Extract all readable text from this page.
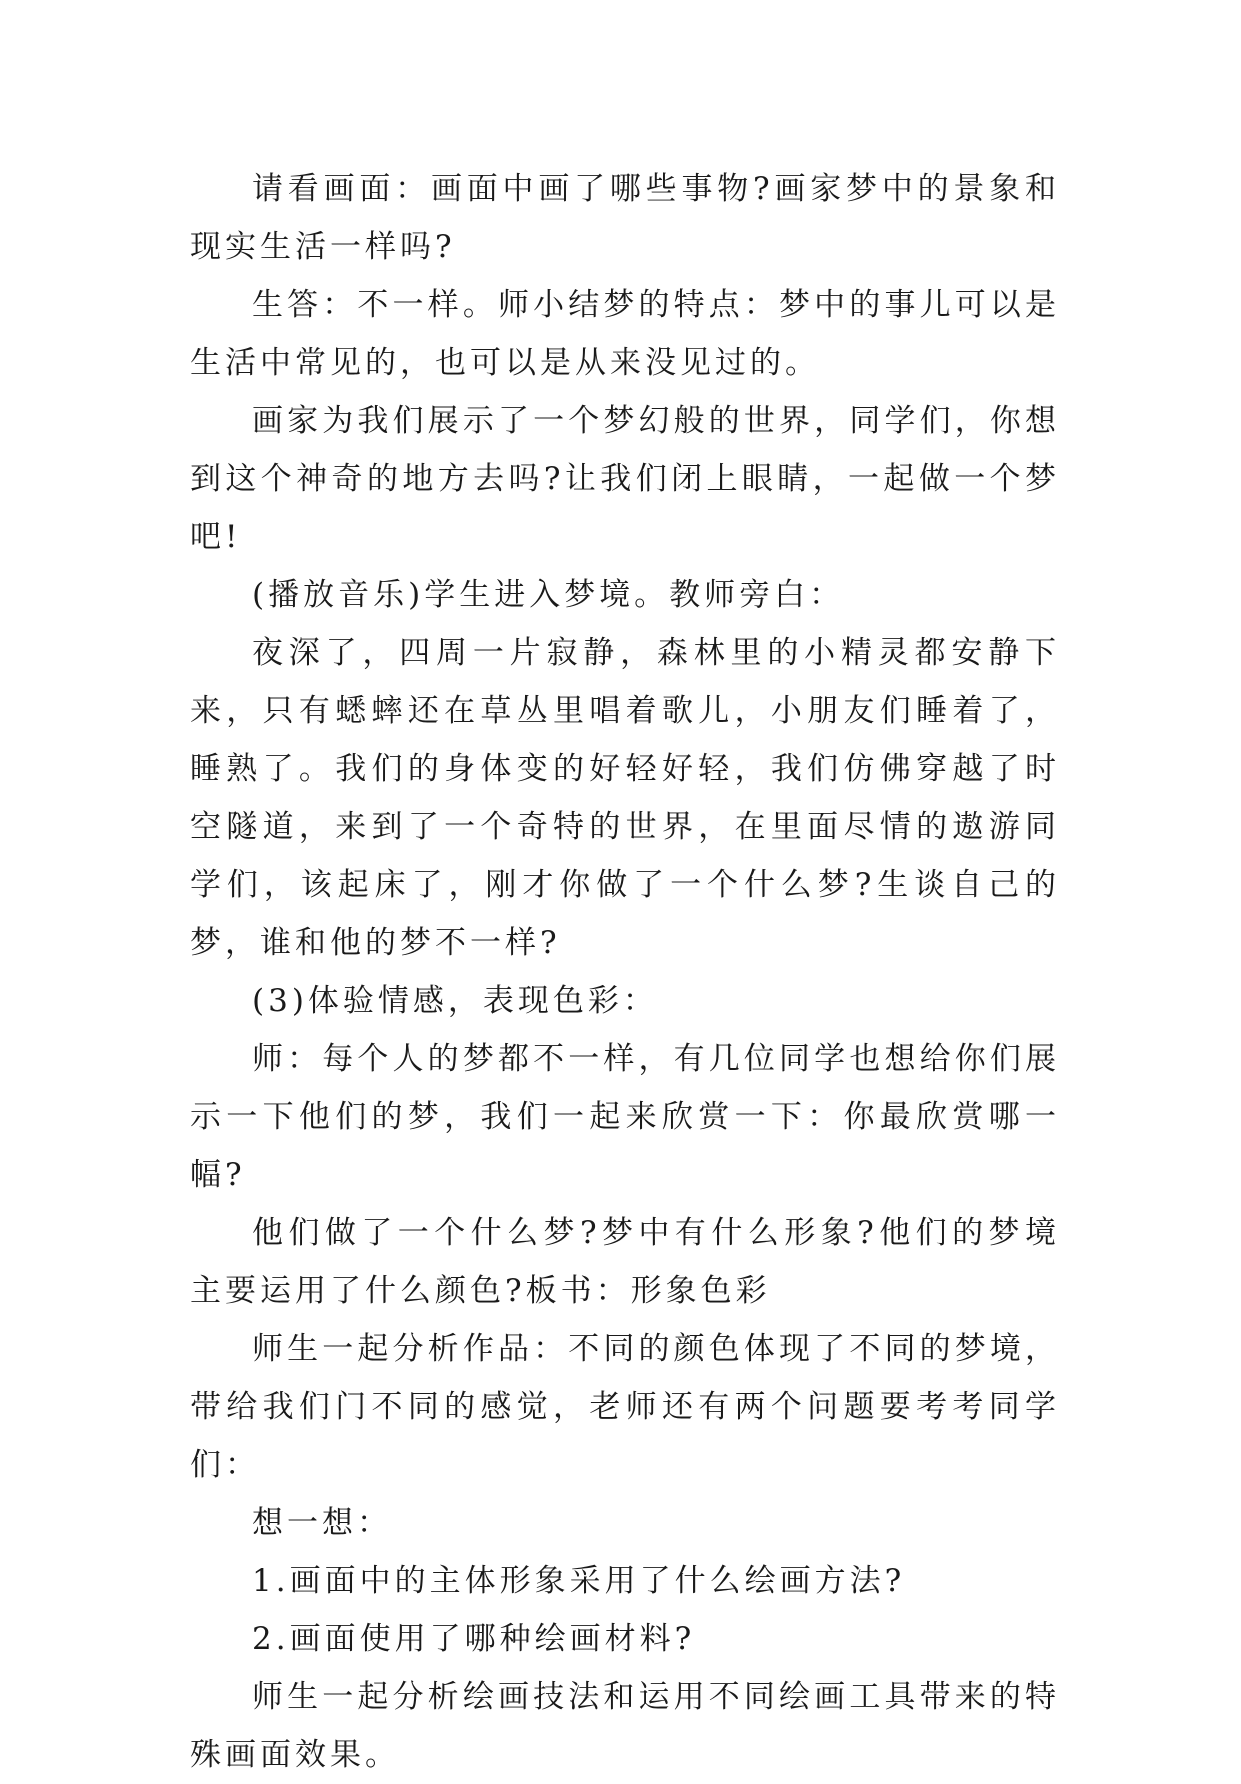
请看画面：画面中画了哪些事物?画家梦中的景象和现实生活一样吗?

生答：不一样。师小结梦的特点：梦中的事儿可以是生活中常见的，也可以是从来没见过的。

画家为我们展示了一个梦幻般的世界，同学们，你想到这个神奇的地方去吗?让我们闭上眼睛，一起做一个梦吧!

(播放音乐)学生进入梦境。教师旁白：

夜深了，四周一片寂静，森林里的小精灵都安静下来，只有蟋蟀还在草丛里唱着歌儿，小朋友们睡着了，睡熟了。我们的身体变的好轻好轻，我们仿佛穿越了时空隧道，来到了一个奇特的世界，在里面尽情的遨游同学们，该起床了，刚才你做了一个什么梦?生谈自己的梦，谁和他的梦不一样?

(3)体验情感，表现色彩：

师：每个人的梦都不一样，有几位同学也想给你们展示一下他们的梦，我们一起来欣赏一下：你最欣赏哪一幅?

他们做了一个什么梦?梦中有什么形象?他们的梦境主要运用了什么颜色?板书：形象色彩

师生一起分析作品：不同的颜色体现了不同的梦境，带给我们门不同的感觉，老师还有两个问题要考考同学们：

想一想：

1.画面中的主体形象采用了什么绘画方法?

2.画面使用了哪种绘画材料?

师生一起分析绘画技法和运用不同绘画工具带来的特殊画面效果。
